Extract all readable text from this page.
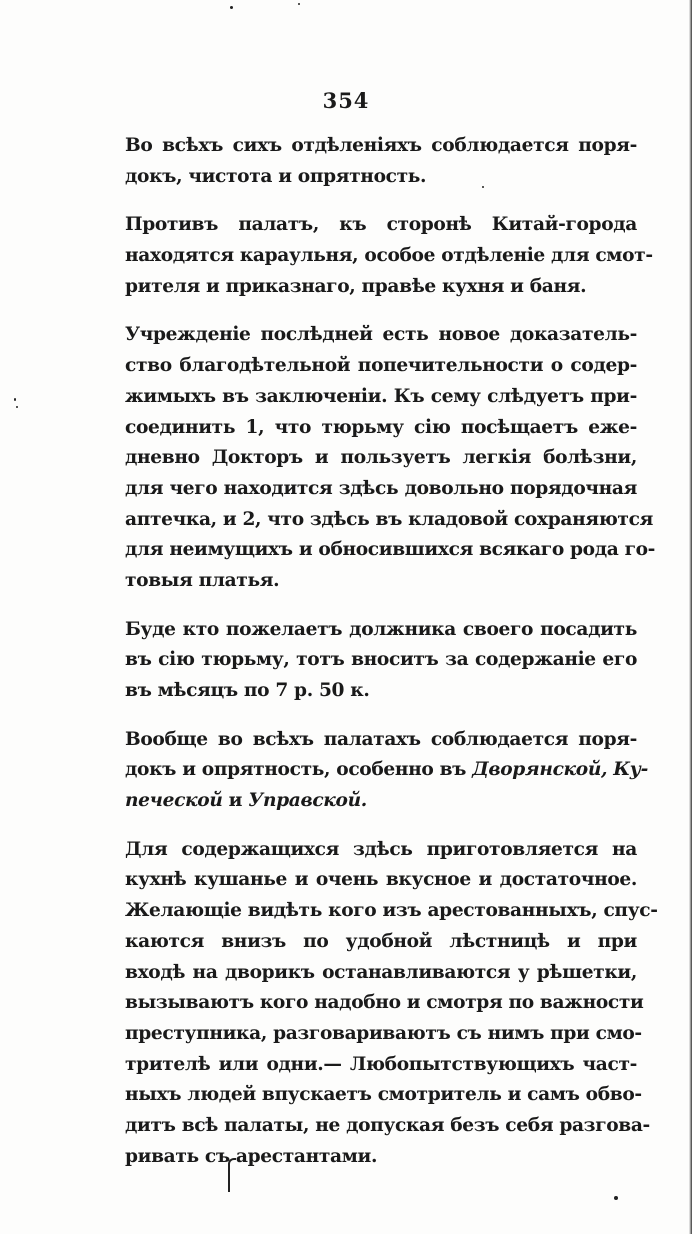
354

Во всѣхъ сихъ отдѣленіяхъ соблюдается поря-
докъ, чистота и опрятность.

Противъ палатъ, къ сторонѣ Китай-города
находятся караульня, особое отдѣленіе для смот-
рителя и приказнаго, правѣе кухня и баня.

Учрежденіе послѣдней есть новое доказатель-
ство благодѣтельной попечительности о содер-
жимыхъ въ заключеніи. Къ сему слѣдуетъ при-
соединить 1, что тюрьму сію посѣщаетъ еже-
дневно Докторъ и пользуетъ легкія болѣзни,
для чего находится здѣсь довольно порядочная
аптечка, и 2, что здѣсь въ кладовой сохраняются
для неимущихъ и обносившихся всякаго рода го-
товыя платья.

Буде кто пожелаетъ должника своего посадить
въ сію тюрьму, тотъ вноситъ за содержаніе его
въ мѣсяцъ по 7 р. 50 к.

Вообще во всѣхъ палатахъ соблюдается поря-
докъ и опрятность, особенно въ Дворянской, Ку-
печеской и Управской.

Для содержащихся здѣсь приготовляется на
кухнѣ кушанье и очень вкусное и достаточное.
Желающіе видѣть кого изъ арестованныхъ, спус-
каются внизъ по удобной лѣстницѣ и при
входѣ на дворикъ останавливаются у рѣшетки,
вызываютъ кого надобно и смотря по важности
преступника, разговариваютъ съ нимъ при смо-
трителѣ или одни.— Любопытствующихъ част-
ныхъ людей впускаетъ смотритель и самъ обво-
дитъ всѣ палаты, не допуская безъ себя разгова-
ривать съ арестантами.
